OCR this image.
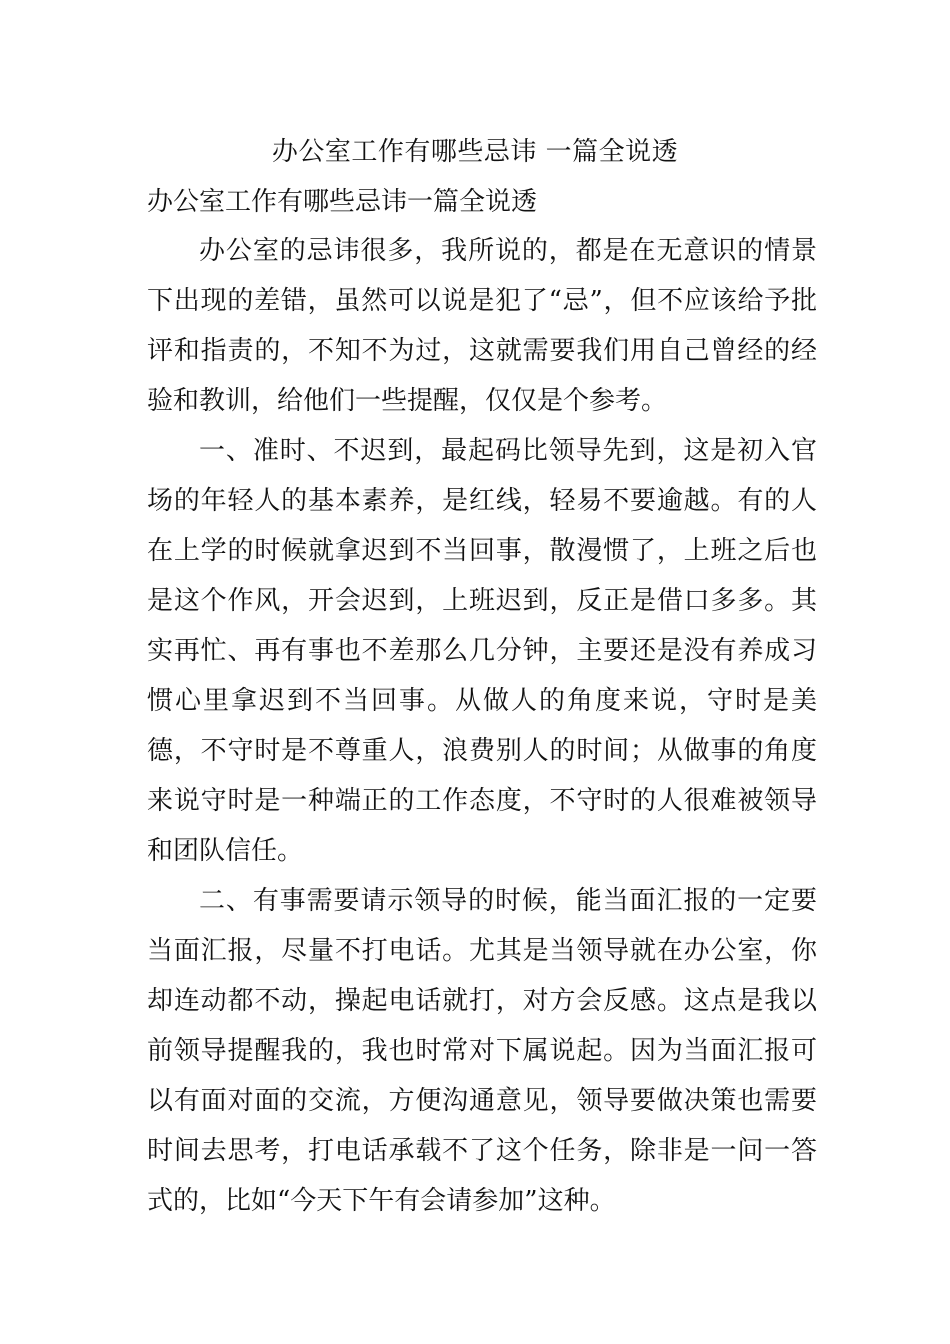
办公室工作有哪些忌讳 一篇全说透
办公室工作有哪些忌讳一篇全说透

办公室的忌讳很多，我所说的，都是在无意识的情景下出现的差错，虽然可以说是犯了“忌”，但不应该给予批评和指责的，不知不为过，这就需要我们用自己曾经的经验和教训，给他们一些提醒，仅仅是个参考。

一、准时、不迟到，最起码比领导先到，这是初入官场的年轻人的基本素养，是红线，轻易不要逾越。有的人在上学的时候就拿迟到不当回事，散漫惯了，上班之后也是这个作风，开会迟到，上班迟到，反正是借口多多。其实再忙、再有事也不差那么几分钟，主要还是没有养成习惯心里拿迟到不当回事。从做人的角度来说，守时是美德，不守时是不尊重人，浪费别人的时间；从做事的角度来说守时是一种端正的工作态度，不守时的人很难被领导和团队信任。

二、有事需要请示领导的时候，能当面汇报的一定要当面汇报，尽量不打电话。尤其是当领导就在办公室，你却连动都不动，操起电话就打，对方会反感。这点是我以前领导提醒我的，我也时常对下属说起。因为当面汇报可以有面对面的交流，方便沟通意见，领导要做决策也需要时间去思考，打电话承载不了这个任务，除非是一问一答式的，比如“今天下午有会请参加”这种。
